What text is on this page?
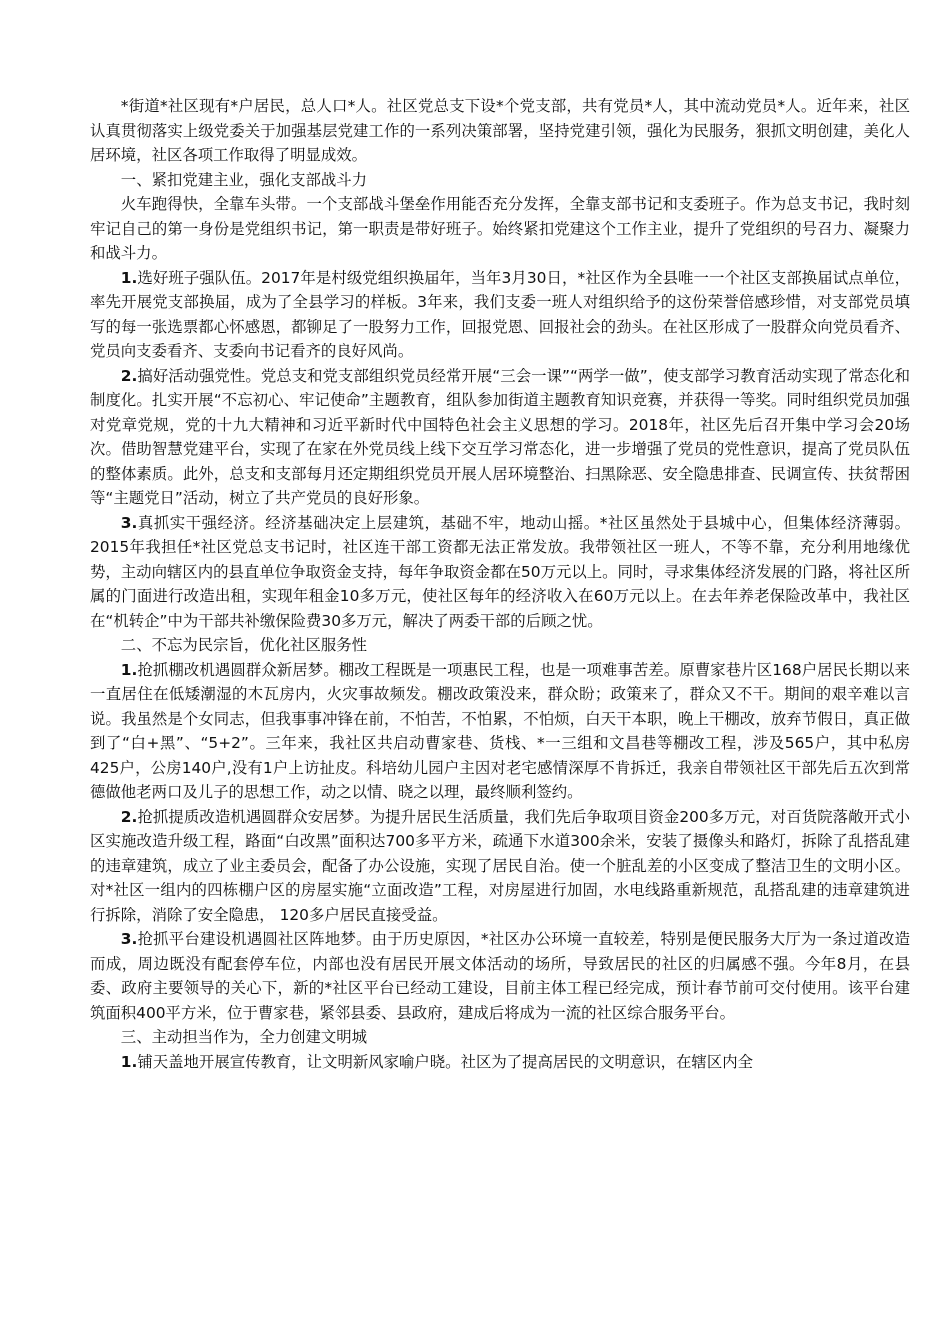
*街道*社区现有*户居民，总人口*人。社区党总支下设*个党支部，共有党员*人，其中流动党员*人。近年来，社区认真贯彻落实上级党委关于加强基层党建工作的一系列决策部署，坚持党建引领，强化为民服务，狠抓文明创建，美化人居环境，社区各项工作取得了明显成效。

一、紧扣党建主业，强化支部战斗力

火车跑得快，全靠车头带。一个支部战斗堡垒作用能否充分发挥，全靠支部书记和支委班子。作为总支书记，我时刻牢记自己的第一身份是党组织书记，第一职责是带好班子。始终紧扣党建这个工作主业，提升了党组织的号召力、凝聚力和战斗力。

1.选好班子强队伍。2017年是村级党组织换届年，当年3月30日，*社区作为全县唯一一个社区支部换届试点单位，率先开展党支部换届，成为了全县学习的样板。3年来，我们支委一班人对组织给予的这份荣誉倍感珍惜，对支部党员填写的每一张选票都心怀感恩，都铆足了一股努力工作，回报党恩、回报社会的劲头。在社区形成了一股群众向党员看齐、党员向支委看齐、支委向书记看齐的良好风尚。

2.搞好活动强党性。党总支和党支部组织党员经常开展“三会一课”“两学一做”，使支部学习教育活动实现了常态化和制度化。扎实开展“不忘初心、牢记使命”主题教育，组队参加街道主题教育知识竞赛，并获得一等奖。同时组织党员加强对党章党规，党的十九大精神和习近平新时代中国特色社会主义思想的学习。2018年，社区先后召开集中学习会20场次。借助智慧党建平台，实现了在家在外党员线上线下交互学习常态化，进一步增强了党员的党性意识，提高了党员队伍的整体素质。此外，总支和支部每月还定期组织党员开展人居环境整治、扫黑除恶、安全隐患排查、民调宣传、扶贫帮困等“主题党日”活动，树立了共产党员的良好形象。

3.真抓实干强经济。经济基础决定上层建筑，基础不牢，地动山摇。*社区虽然处于县城中心，但集体经济薄弱。2015年我担任*社区党总支书记时，社区连干部工资都无法正常发放。我带领社区一班人，不等不靠，充分利用地缘优势，主动向辖区内的县直单位争取资金支持，每年争取资金都在50万元以上。同时，寻求集体经济发展的门路，将社区所属的门面进行改造出租，实现年租金10多万元，使社区每年的经济收入在60万元以上。在去年养老保险改革中，我社区在“机转企”中为干部共补缴保险费30多万元，解决了两委干部的后顾之忧。

二、不忘为民宗旨，优化社区服务性

1.抢抓棚改机遇圆群众新居梦。棚改工程既是一项惠民工程，也是一项难事苦差。原曹家巷片区168户居民长期以来一直居住在低矮潮湿的木瓦房内，火灾事故频发。棚改政策没来，群众盼；政策来了，群众又不干。期间的艰辛难以言说。我虽然是个女同志，但我事事冲锋在前，不怕苦，不怕累，不怕烦，白天干本职，晚上干棚改，放弃节假日，真正做到了“白+黑”、“5+2”。三年来，我社区共启动曹家巷、货栈、*一三组和文昌巷等棚改工程，涉及565户，其中私房425户，公房140户,没有1户上访扯皮。科培幼儿园户主因对老宅感情深厚不肯拆迁，我亲自带领社区干部先后五次到常德做他老两口及儿子的思想工作，动之以情、晓之以理，最终顺利签约。

2.抢抓提质改造机遇圆群众安居梦。为提升居民生活质量，我们先后争取项目资金200多万元，对百货院落敞开式小区实施改造升级工程，路面“白改黑”面积达700多平方米，疏通下水道300余米，安装了摄像头和路灯，拆除了乱搭乱建的违章建筑，成立了业主委员会，配备了办公设施，实现了居民自治。使一个脏乱差的小区变成了整洁卫生的文明小区。对*社区一组内的四栋棚户区的房屋实施“立面改造”工程，对房屋进行加固，水电线路重新规范，乱搭乱建的违章建筑进行拆除，消除了安全隐患， 120多户居民直接受益。

3.抢抓平台建设机遇圆社区阵地梦。由于历史原因，*社区办公环境一直较差，特别是便民服务大厅为一条过道改造而成，周边既没有配套停车位，内部也没有居民开展文体活动的场所，导致居民的社区的归属感不强。今年8月，在县委、政府主要领导的关心下，新的*社区平台已经动工建设，目前主体工程已经完成，预计春节前可交付使用。该平台建筑面积400平方米，位于曹家巷，紧邻县委、县政府，建成后将成为一流的社区综合服务平台。

三、主动担当作为，全力创建文明城

1.铺天盖地开展宣传教育，让文明新风家喻户晓。社区为了提高居民的文明意识，在辖区内全
